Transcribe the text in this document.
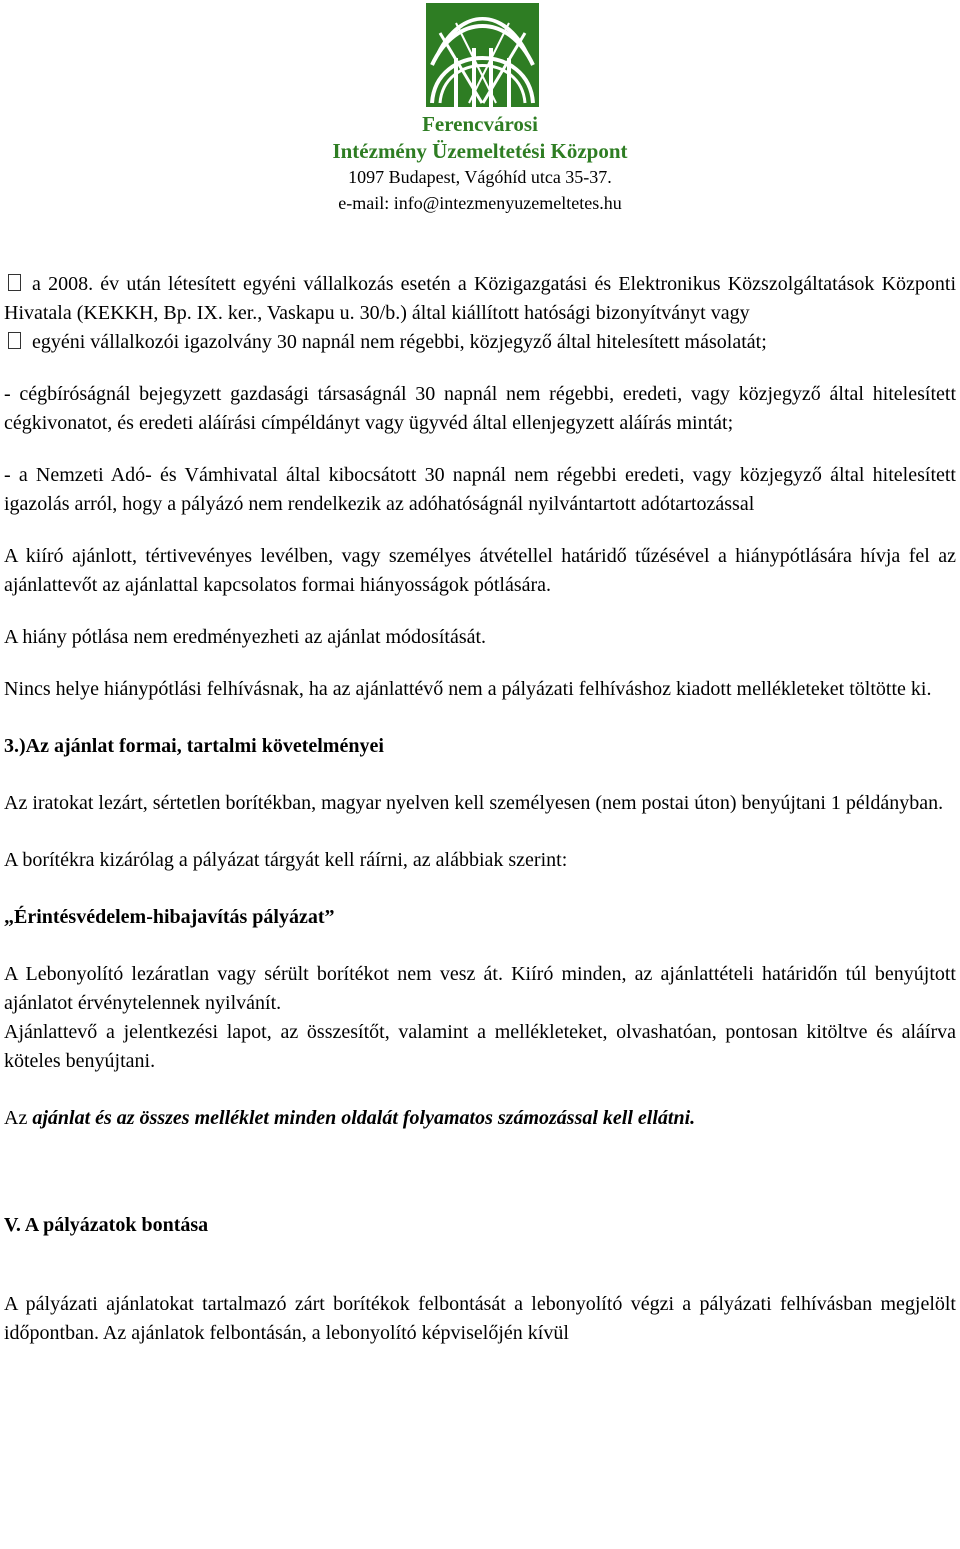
Ferencvárosi
Intézmény Üzemeltetési Központ
1097 Budapest, Vágóhíd utca 35-37.
e-mail: info@intezmenyuzemeltetes.hu

a 2008. év után létesített egyéni vállalkozás esetén a Közigazgatási és Elektronikus Közszolgáltatások Központi Hivatala (KEKKH, Bp. IX. ker., Vaskapu u. 30/b.) által kiállított hatósági bizonyítványt vagy

egyéni vállalkozói igazolvány 30 napnál nem régebbi, közjegyző által hitelesített másolatát;

- cégbíróságnál bejegyzett gazdasági társaságnál 30 napnál nem régebbi, eredeti, vagy közjegyző által hitelesített cégkivonatot, és eredeti aláírási címpéldányt vagy ügyvéd által ellenjegyzett aláírás mintát;

- a Nemzeti Adó- és Vámhivatal által kibocsátott 30 napnál nem régebbi eredeti, vagy közjegyző által hitelesített igazolás arról, hogy a pályázó nem rendelkezik az adóhatóságnál nyilvántartott adótartozással

A kiíró ajánlott, tértivevényes levélben, vagy személyes átvétellel határidő tűzésével a hiánypótlására hívja fel az ajánlattevőt az ajánlattal kapcsolatos formai hiányosságok pótlására.

A hiány pótlása nem eredményezheti az ajánlat módosítását.

Nincs helye hiánypótlási felhívásnak, ha az ajánlattévő nem a pályázati felhíváshoz kiadott mellékleteket töltötte ki.

3.)Az ajánlat formai, tartalmi követelményei

Az iratokat lezárt, sértetlen borítékban, magyar nyelven kell személyesen (nem postai úton) benyújtani 1 példányban.

A borítékra kizárólag a pályázat tárgyát kell ráírni, az alábbiak szerint:

„Érintésvédelem-hibajavítás pályázat”

A Lebonyolító lezáratlan vagy sérült borítékot nem vesz át. Kiíró minden, az ajánlattételi határidőn túl benyújtott ajánlatot érvénytelennek nyilvánít.

Ajánlattevő a jelentkezési lapot, az összesítőt, valamint a mellékleteket, olvashatóan, pontosan kitöltve és aláírva köteles benyújtani.

Az ajánlat és az összes melléklet minden oldalát folyamatos számozással kell ellátni.

V. A pályázatok bontása

A pályázati ajánlatokat tartalmazó zárt borítékok felbontását a lebonyolító végzi a pályázati felhívásban megjelölt időpontban. Az ajánlatok felbontásán, a lebonyolító képviselőjén kívül
